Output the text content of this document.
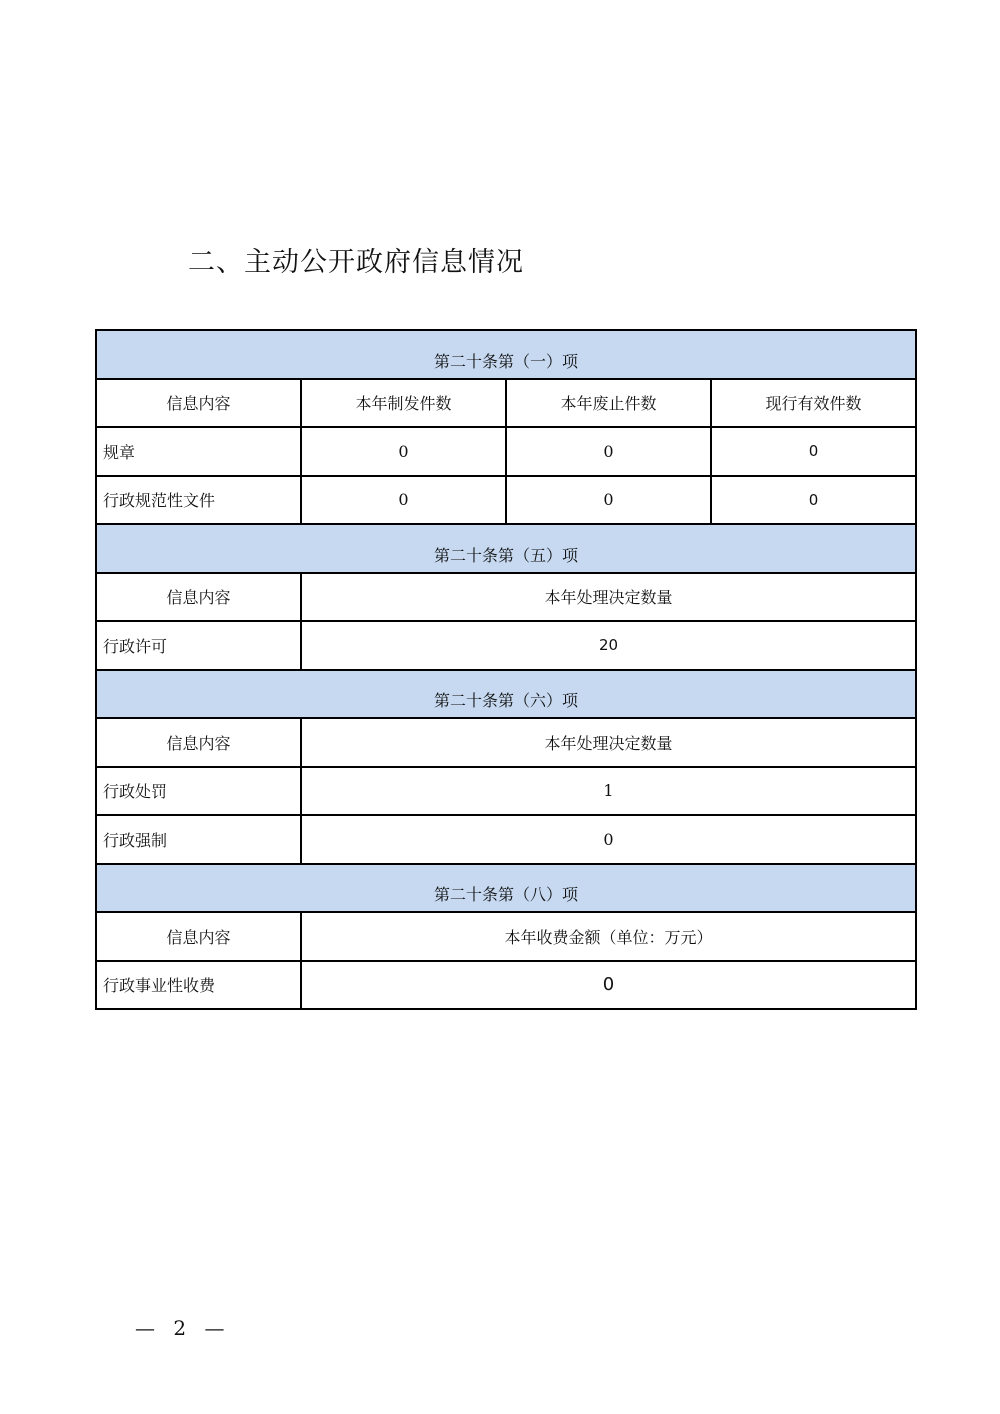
二、主动公开政府信息情况
第二十条第（一）项			
信息内容	本年制发件数	本年废止件数	现行有效件数
规章	0	0	0
行政规范性文件	0	0	0
第二十条第（五）项			
信息内容	本年处理决定数量		
行政许可	20		
第二十条第（六）项			
信息内容	本年处理决定数量		
行政处罚	1		
行政强制	0		
第二十条第（八）项			
信息内容	本年收费金额（单位：万元）		
行政事业性收费	0		
— 2 —
